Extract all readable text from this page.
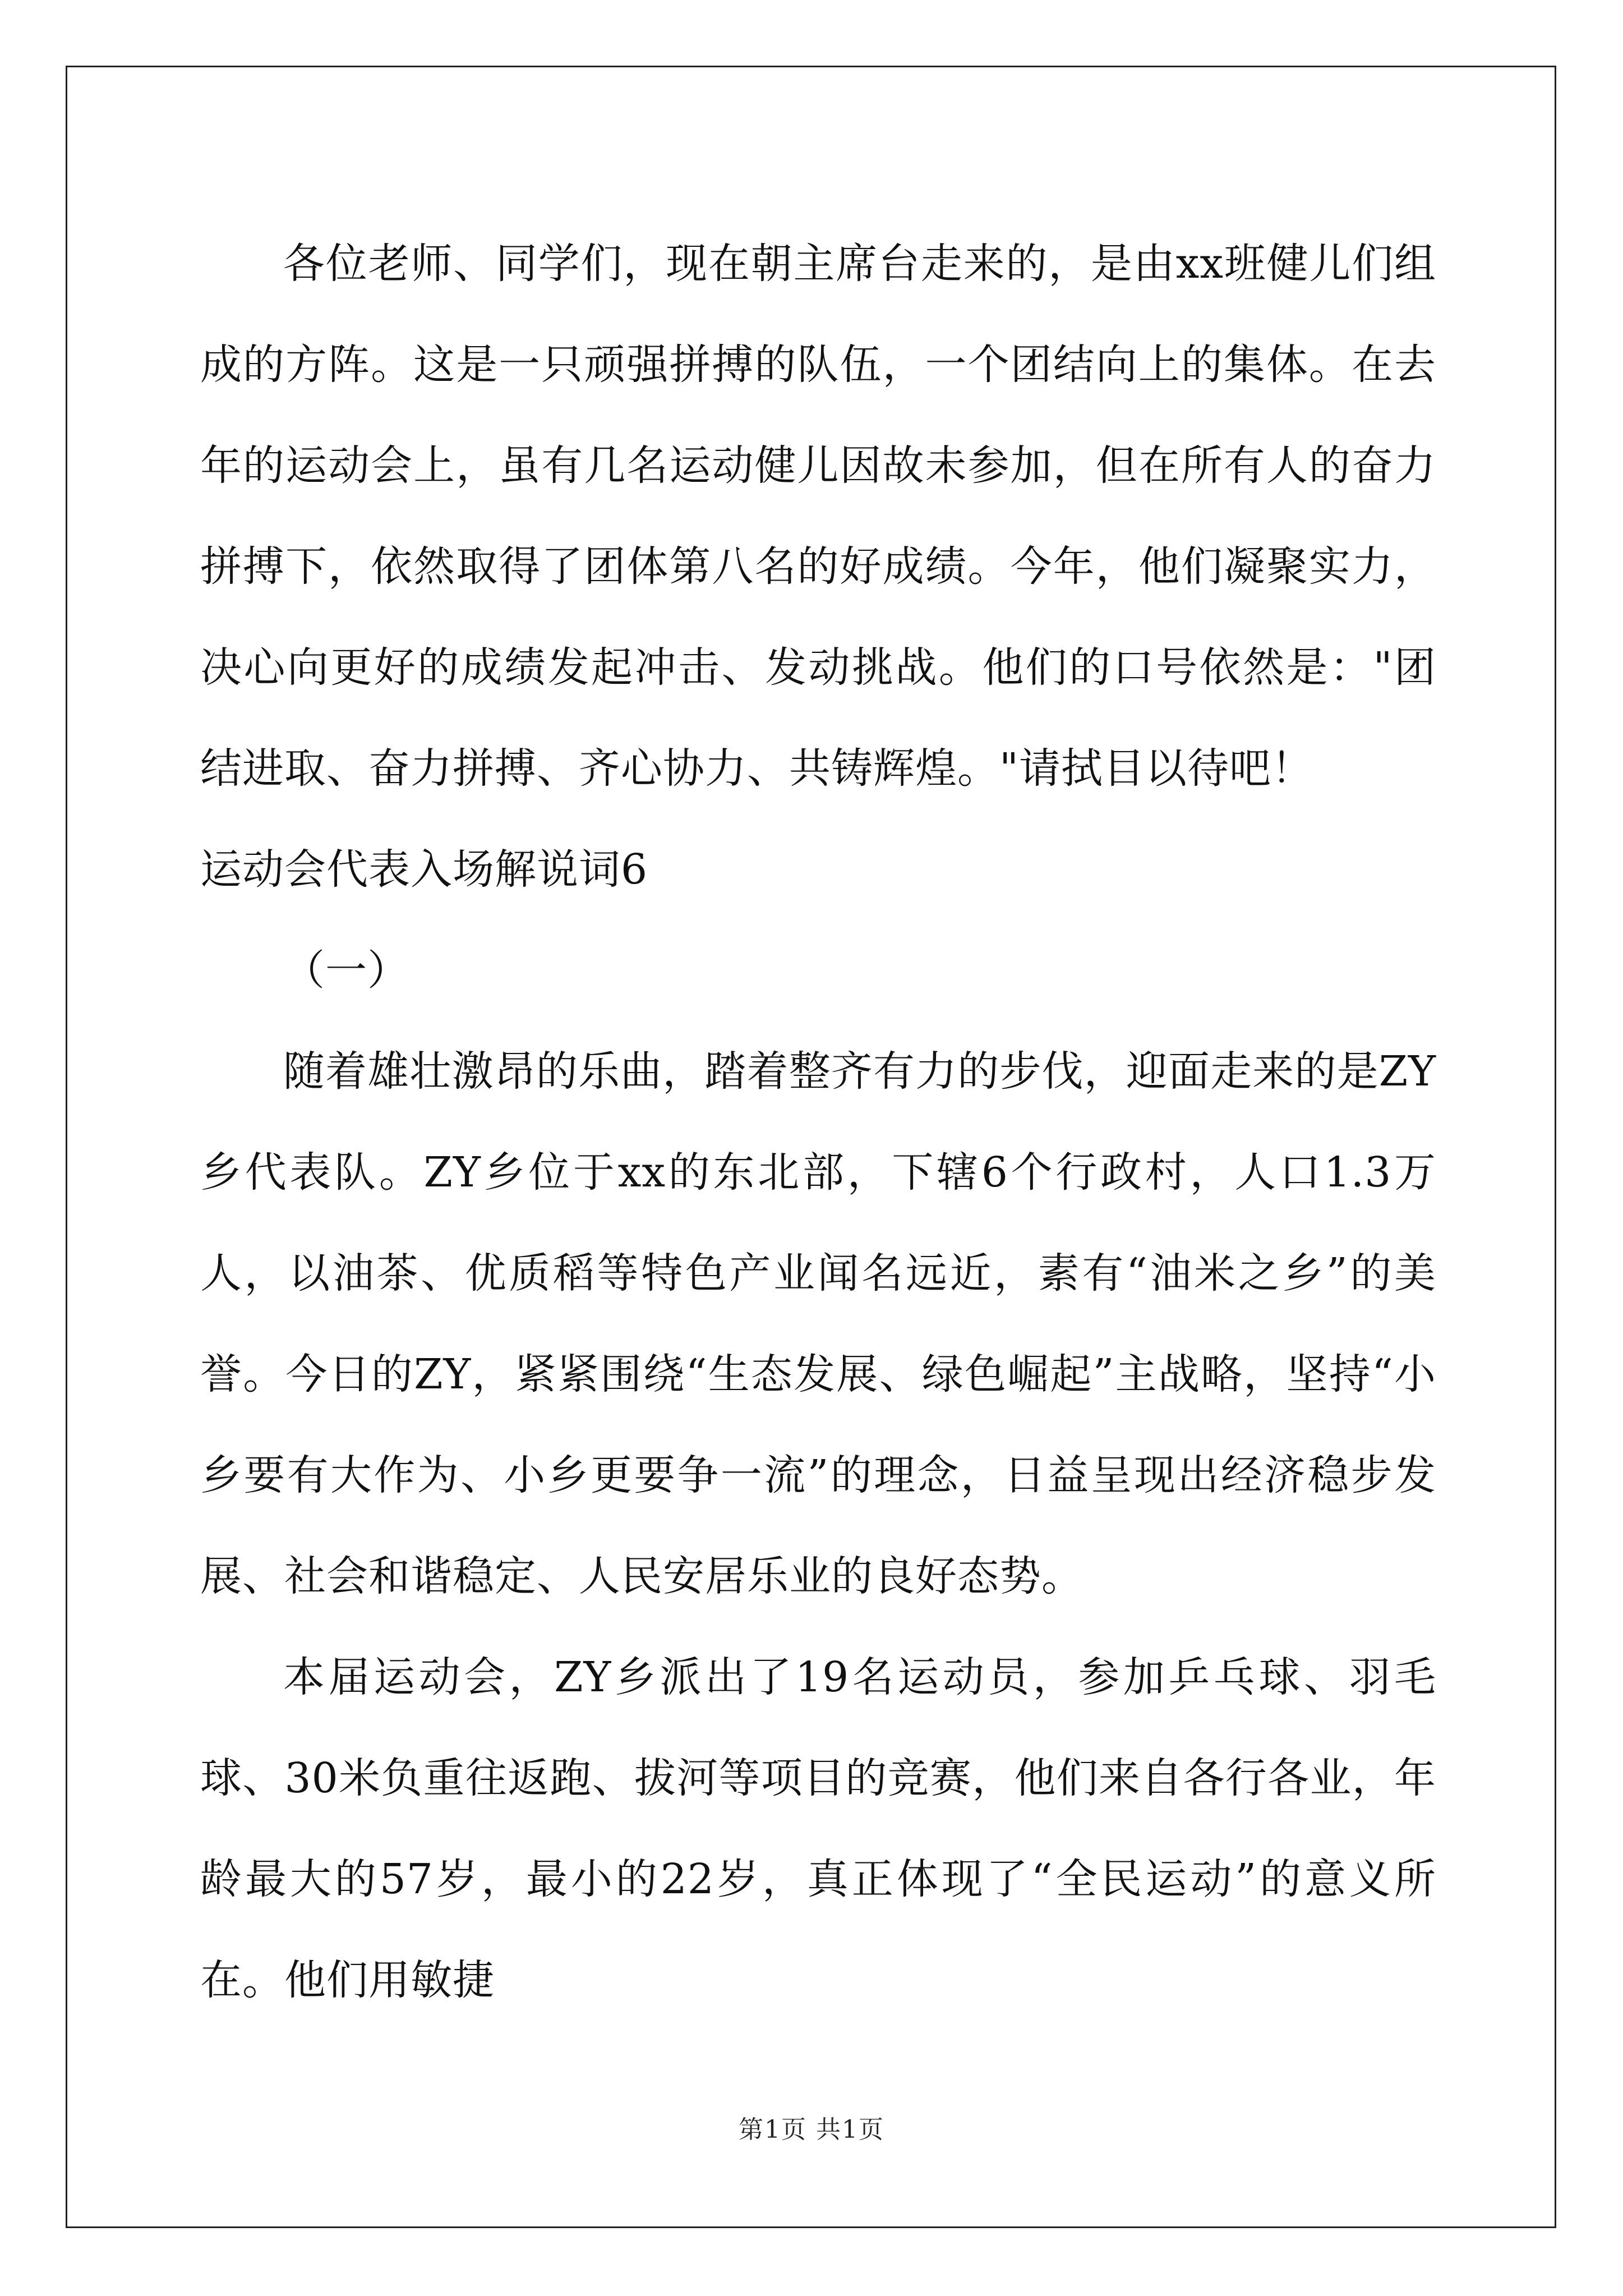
各位老师、同学们，现在朝主席台走来的，是由xx班健儿们组成的方阵。这是一只顽强拼搏的队伍，一个团结向上的集体。在去年的运动会上，虽有几名运动健儿因故未参加，但在所有人的奋力拼搏下，依然取得了团体第八名的好成绩。今年，他们凝聚实力，决心向更好的成绩发起冲击、发动挑战。他们的口号依然是："团结进取、奋力拼搏、齐心协力、共铸辉煌。"请拭目以待吧！

运动会代表入场解说词6

（一）

随着雄壮激昂的乐曲，踏着整齐有力的步伐，迎面走来的是ZY乡代表队。ZY乡位于xx的东北部，下辖6个行政村，人口1.3万人，以油茶、优质稻等特色产业闻名远近，素有“油米之乡”的美誉。今日的ZY，紧紧围绕“生态发展、绿色崛起”主战略，坚持“小乡要有大作为、小乡更要争一流”的理念，日益呈现出经济稳步发展、社会和谐稳定、人民安居乐业的良好态势。

本届运动会，ZY乡派出了19名运动员，参加乒乓球、羽毛球、30米负重往返跑、拔河等项目的竞赛，他们来自各行各业，年龄最大的57岁，最小的22岁，真正体现了“全民运动”的意义所在。他们用敏捷

第1页 共1页
